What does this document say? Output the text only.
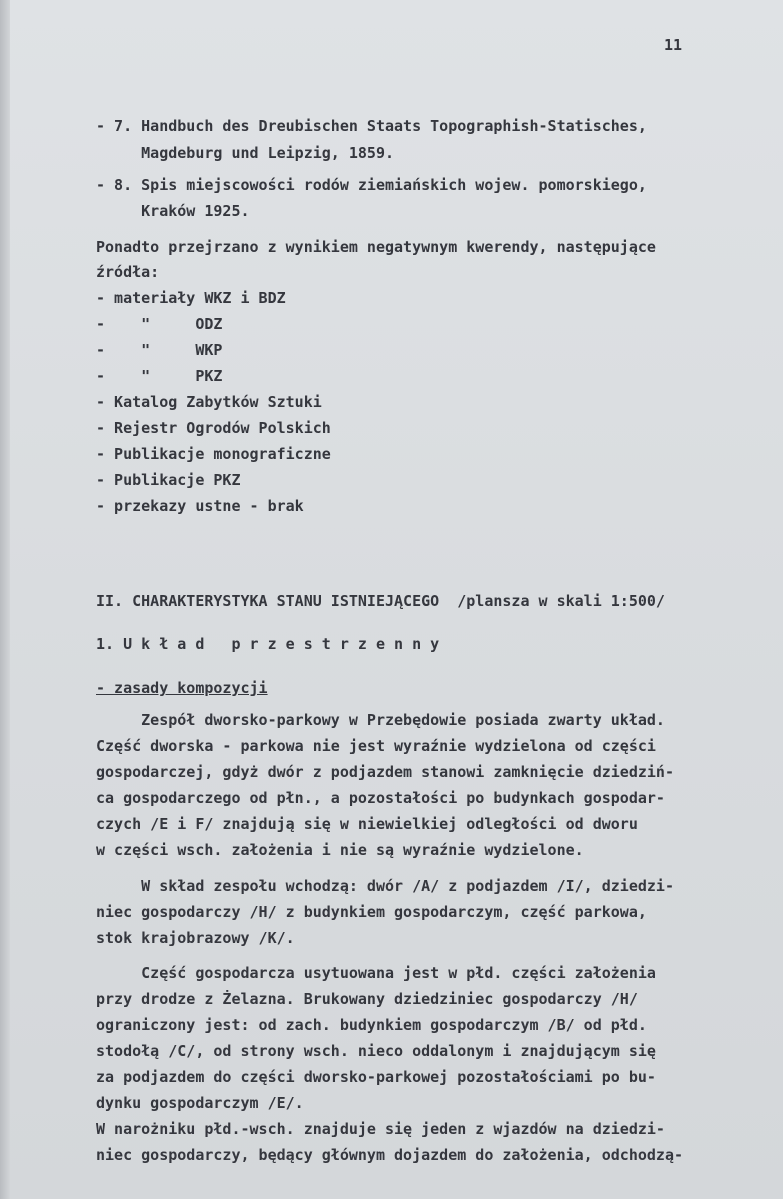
11
- 7. Handbuch des Dreubischen Staats Topographish-Statisches,
Magdeburg und Leipzig, 1859.
- 8. Spis miejscowości rodów ziemiańskich wojew. pomorskiego,
Kraków 1925.
Ponadto przejrzano z wynikiem negatywnym kwerendy, następujące
źródła:
- materiały WKZ i BDZ
-    "     ODZ
-    "     WKP
-    "     PKZ
- Katalog Zabytków Sztuki
- Rejestr Ogrodów Polskich
- Publikacje monograficzne
- Publikacje PKZ
- przekazy ustne - brak
II. CHARAKTERYSTYKA STANU ISTNIEJĄCEGO  /plansza w skali 1:500/
1. U k ł a d   p r z e s t r z e n n y
- zasady kompozycji
Zespół dworsko-parkowy w Przebędowie posiada zwarty układ.
Część dworska - parkowa nie jest wyraźnie wydzielona od części
gospodarczej, gdyż dwór z podjazdem stanowi zamknięcie dziedziń-
ca gospodarczego od płn., a pozostałości po budynkach gospodar-
czych /E i F/ znajdują się w niewielkiej odległości od dworu
w części wsch. założenia i nie są wyraźnie wydzielone.
W skład zespołu wchodzą: dwór /A/ z podjazdem /I/, dziedzi-
niec gospodarczy /H/ z budynkiem gospodarczym, część parkowa,
stok krajobrazowy /K/.
Część gospodarcza usytuowana jest w płd. części założenia
przy drodze z Żelazna. Brukowany dziedziniec gospodarczy /H/
ograniczony jest: od zach. budynkiem gospodarczym /B/ od płd.
stodołą /C/, od strony wsch. nieco oddalonym i znajdującym się
za podjazdem do części dworsko-parkowej pozostałościami po bu-
dynku gospodarczym /E/.
W narożniku płd.-wsch. znajduje się jeden z wjazdów na dziedzi-
niec gospodarczy, będący głównym dojazdem do założenia, odchodzą-
